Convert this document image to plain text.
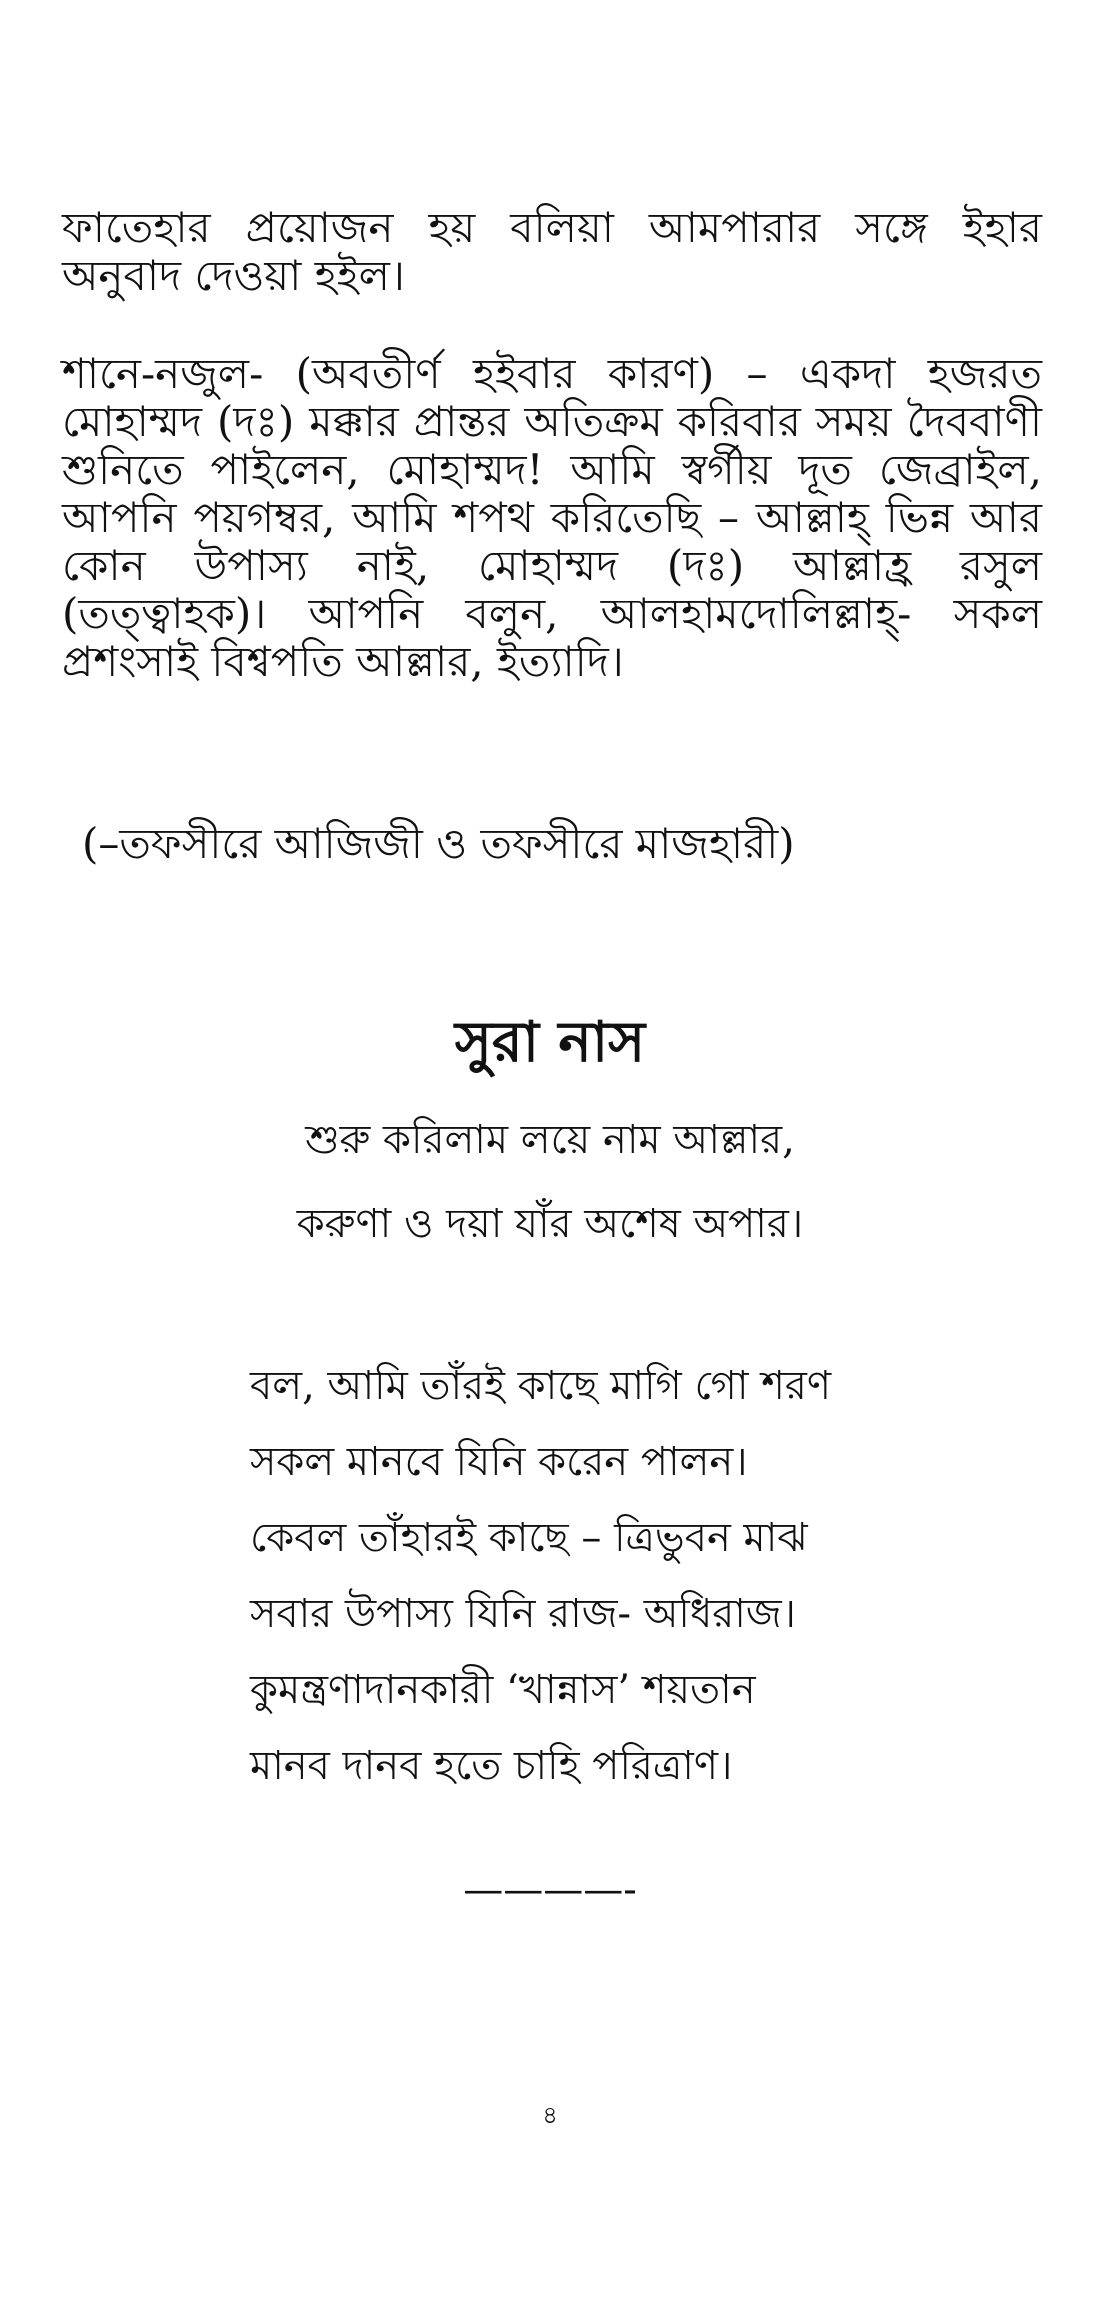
ফাতেহার প্রয়োজন হয় বলিয়া আমপারার সঙ্গে ইহার অনুবাদ দেওয়া হইল।

শানে-নজুল- (অবতীর্ণ হইবার কারণ) – একদা হজরত মোহাম্মদ (দঃ) মক্কার প্রান্তর অতিক্রম করিবার সময় দৈববাণী শুনিতে পাইলেন, মোহাম্মদ! আমি স্বর্গীয় দূত জেব্রাইল, আপনি পয়গম্বর, আমি শপথ করিতেছি – আল্লাহ্ ভিন্ন আর কোন উপাস্য নাই, মোহাম্মদ (দঃ) আল্লাহ্র রসুল (তত্ত্বাহক)। আপনি বলুন, আলহামদোলিল্লাহ্- সকল প্রশংসাই বিশ্বপতি আল্লার, ইত্যাদি।

(–তফসীরে আজিজী ও তফসীরে মাজহারী)

সুরা নাস

শুরু করিলাম লয়ে নাম আল্লার,

করুণা ও দয়া যাঁর অশেষ অপার।

বল, আমি তাঁরই কাছে মাগি গো শরণ
সকল মানবে যিনি করেন পালন।
কেবল তাঁহারই কাছে – ত্রিভুবন মাঝ
সবার উপাস্য যিনি রাজ- অধিরাজ।
কুমন্ত্রণাদানকারী ‘খান্নাস’ শয়তান
মানব দানব হতে চাহি পরিত্রাণ।

————-

৪
